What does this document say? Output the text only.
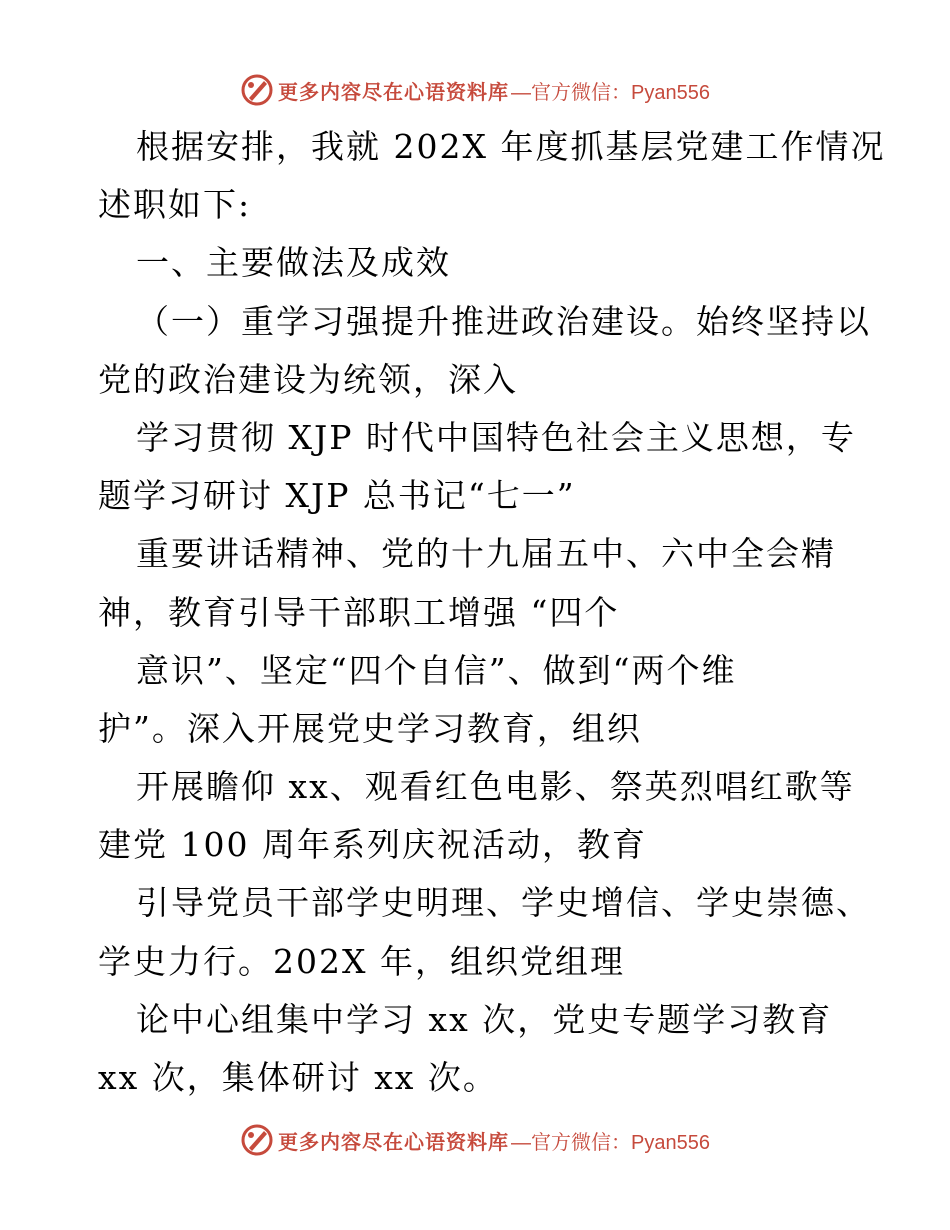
更多内容尽在心语资料库 —官方微信：Pyan556
根据安排，我就 202X 年度抓基层党建工作情况
述职如下:
一、主要做法及成效
（一）重学习强提升推进政治建设。始终坚持以
党的政治建设为统领，深入
学习贯彻 XJP 时代中国特色社会主义思想，专
题学习研讨 XJP 总书记“七一”
重要讲话精神、党的十九届五中、六中全会精
神，教育引导干部职工增强 “四个
意识”、坚定“四个自信”、做到“两个维
护”。深入开展党史学习教育，组织
开展瞻仰 xx、观看红色电影、祭英烈唱红歌等
建党 100 周年系列庆祝活动，教育
引导党员干部学史明理、学史增信、学史崇德、
学史力行。202X 年，组织党组理
论中心组集中学习 xx 次，党史专题学习教育
xx 次，集体研讨 xx 次。
更多内容尽在心语资料库 —官方微信：Pyan556
